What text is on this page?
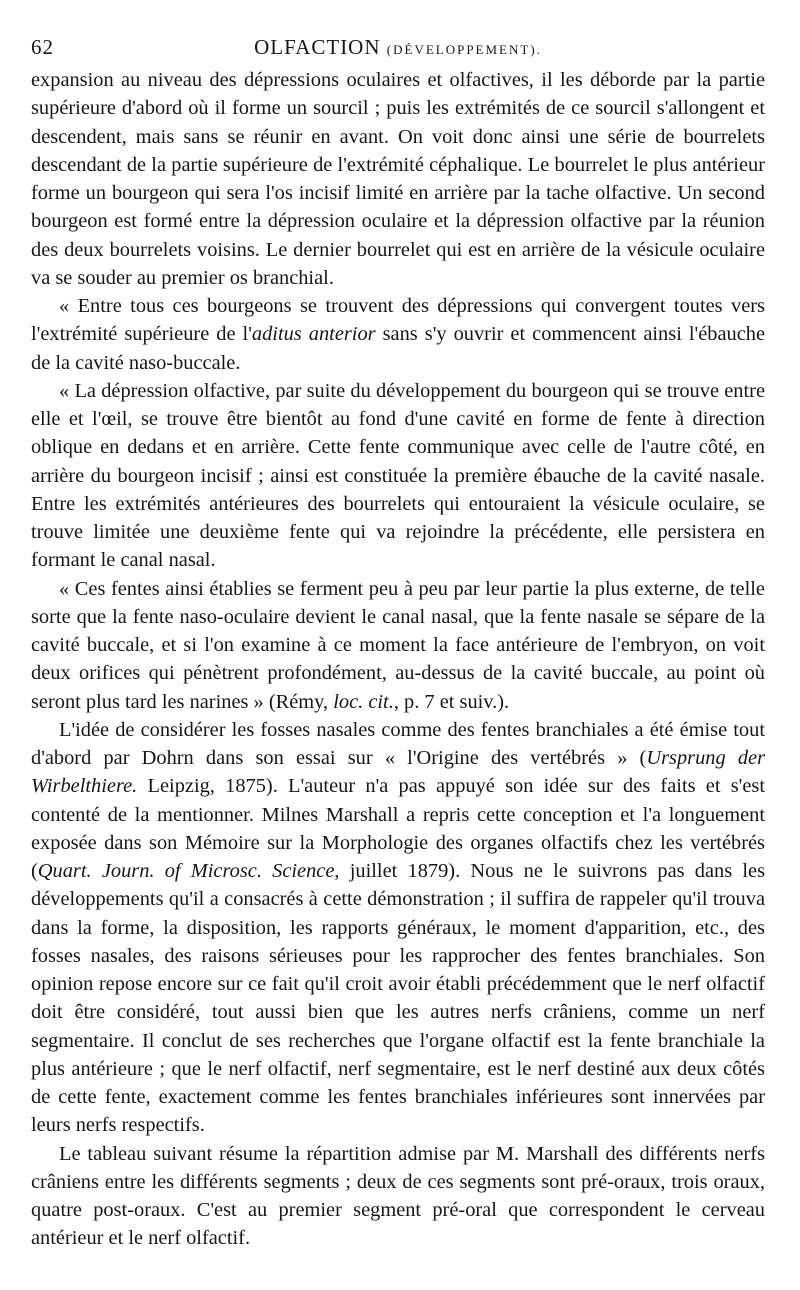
62	OLFACTION (DÉVELOPPEMENT).

expansion au niveau des dépressions oculaires et olfactives, il les déborde par la partie supérieure d'abord où il forme un sourcil ; puis les extrémités de ce sourcil s'allongent et descendent, mais sans se réunir en avant. On voit donc ainsi une série de bourrelets descendant de la partie supérieure de l'extrémité céphalique. Le bourrelet le plus antérieur forme un bourgeon qui sera l'os incisif limité en arrière par la tache olfactive. Un second bourgeon est formé entre la dépression oculaire et la dépression olfactive par la réunion des deux bourrelets voisins. Le dernier bourrelet qui est en arrière de la vésicule oculaire va se souder au premier os branchial.

« Entre tous ces bourgeons se trouvent des dépressions qui convergent toutes vers l'extrémité supérieure de l'aditus anterior sans s'y ouvrir et commencent ainsi l'ébauche de la cavité naso-buccale.

« La dépression olfactive, par suite du développement du bourgeon qui se trouve entre elle et l'œil, se trouve être bientôt au fond d'une cavité en forme de fente à direction oblique en dedans et en arrière. Cette fente communique avec celle de l'autre côté, en arrière du bourgeon incisif ; ainsi est constituée la première ébauche de la cavité nasale. Entre les extrémités antérieures des bourrelets qui entouraient la vésicule oculaire, se trouve limitée une deuxième fente qui va rejoindre la précédente, elle persistera en formant le canal nasal.

« Ces fentes ainsi établies se ferment peu à peu par leur partie la plus externe, de telle sorte que la fente naso-oculaire devient le canal nasal, que la fente nasale se sépare de la cavité buccale, et si l'on examine à ce moment la face antérieure de l'embryon, on voit deux orifices qui pénètrent profondément, au-dessus de la cavité buccale, au point où seront plus tard les narines » (Rémy, loc. cit., p. 7 et suiv.).

L'idée de considérer les fosses nasales comme des fentes branchiales a été émise tout d'abord par Dohrn dans son essai sur « l'Origine des vertébrés » (Ursprung der Wirbelthiere. Leipzig, 1875). L'auteur n'a pas appuyé son idée sur des faits et s'est contenté de la mentionner. Milnes Marshall a repris cette conception et l'a longuement exposée dans son Mémoire sur la Morphologie des organes olfactifs chez les vertébrés (Quart. Journ. of Microsc. Science, juillet 1879). Nous ne le suivrons pas dans les développements qu'il a consacrés à cette démonstration ; il suffira de rappeler qu'il trouva dans la forme, la disposition, les rapports généraux, le moment d'apparition, etc., des fosses nasales, des raisons sérieuses pour les rapprocher des fentes branchiales. Son opinion repose encore sur ce fait qu'il croit avoir établi précédemment que le nerf olfactif doit être considéré, tout aussi bien que les autres nerfs crâniens, comme un nerf segmentaire. Il conclut de ses recherches que l'organe olfactif est la fente branchiale la plus antérieure ; que le nerf olfactif, nerf segmentaire, est le nerf destiné aux deux côtés de cette fente, exactement comme les fentes branchiales inférieures sont innervées par leurs nerfs respectifs.

Le tableau suivant résume la répartition admise par M. Marshall des différents nerfs crâniens entre les différents segments ; deux de ces segments sont pré-oraux, trois oraux, quatre post-oraux. C'est au premier segment pré-oral que correspondent le cerveau antérieur et le nerf olfactif.
